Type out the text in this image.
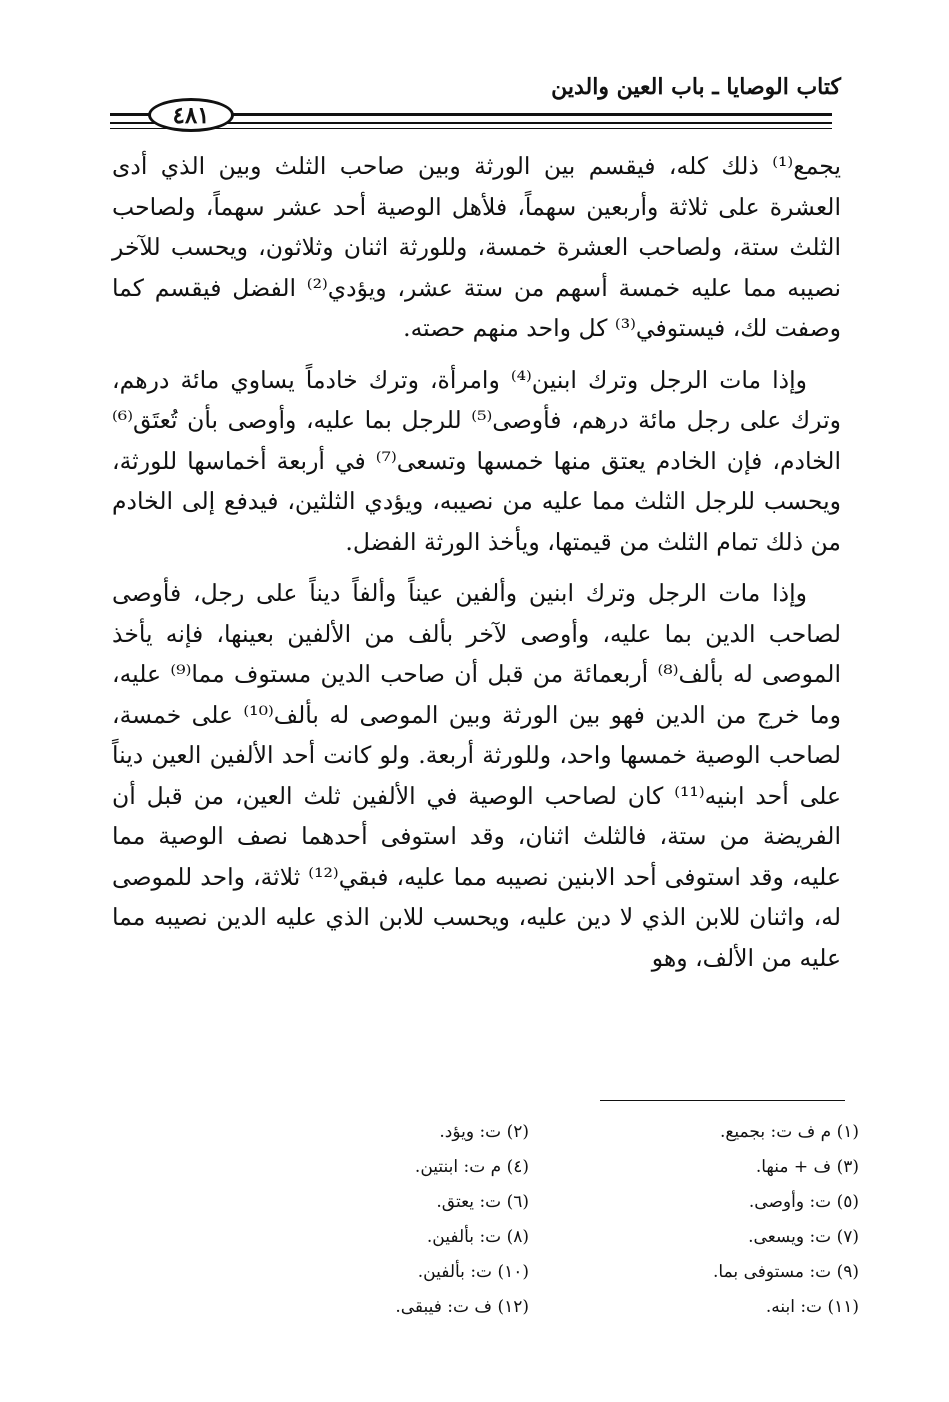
كتاب الوصايا ـ باب العين والدين
٤٨١

يجمع⁽¹⁾ ذلك كله، فيقسم بين الورثة وبين صاحب الثلث وبين الذي أدى العشرة على ثلاثة وأربعين سهماً، فلأهل الوصية أحد عشر سهماً، ولصاحب الثلث ستة، ولصاحب العشرة خمسة، وللورثة اثنان وثلاثون، ويحسب للآخر نصيبه مما عليه خمسة أسهم من ستة عشر، ويؤدي⁽²⁾ الفضل فيقسم كما وصفت لك، فيستوفي⁽³⁾ كل واحد منهم حصته.

وإذا مات الرجل وترك ابنين⁽⁴⁾ وامرأة، وترك خادماً يساوي مائة درهم، وترك على رجل مائة درهم، فأوصى⁽⁵⁾ للرجل بما عليه، وأوصى بأن تُعتَق⁽⁶⁾ الخادم، فإن الخادم يعتق منها خمسها وتسعى⁽⁷⁾ في أربعة أخماسها للورثة، ويحسب للرجل الثلث مما عليه من نصيبه، ويؤدي الثلثين، فيدفع إلى الخادم من ذلك تمام الثلث من قيمتها، ويأخذ الورثة الفضل.

وإذا مات الرجل وترك ابنين وألفين عيناً وألفاً ديناً على رجل، فأوصى لصاحب الدين بما عليه، وأوصى لآخر بألف من الألفين بعينها، فإنه يأخذ الموصى له بألف⁽⁸⁾ أربعمائة من قبل أن صاحب الدين مستوف مما⁽⁹⁾ عليه، وما خرج من الدين فهو بين الورثة وبين الموصى له بألف⁽¹⁰⁾ على خمسة، لصاحب الوصية خمسها واحد، وللورثة أربعة. ولو كانت أحد الألفين العين ديناً على أحد ابنيه⁽¹¹⁾ كان لصاحب الوصية في الألفين ثلث العين، من قبل أن الفريضة من ستة، فالثلث اثنان، وقد استوفى أحدهما نصف الوصية مما عليه، وقد استوفى أحد الابنين نصيبه مما عليه، فبقي⁽¹²⁾ ثلاثة، واحد للموصى له، واثنان للابن الذي لا دين عليه، ويحسب للابن الذي عليه الدين نصيبه مما عليه من الألف، وهو

(١) م ف ت: بجميع.
(٢) ت: ويؤد.
(٣) ف + منها.
(٤) م ت: ابنتين.
(٥) ت: وأوصى.
(٦) ت: يعتق.
(٧) ت: ويسعى.
(٨) ت: بألفين.
(٩) ت: مستوفى بما.
(١٠) ت: بألفين.
(١١) ت: ابنه.
(١٢) ف ت: فيبقى.
